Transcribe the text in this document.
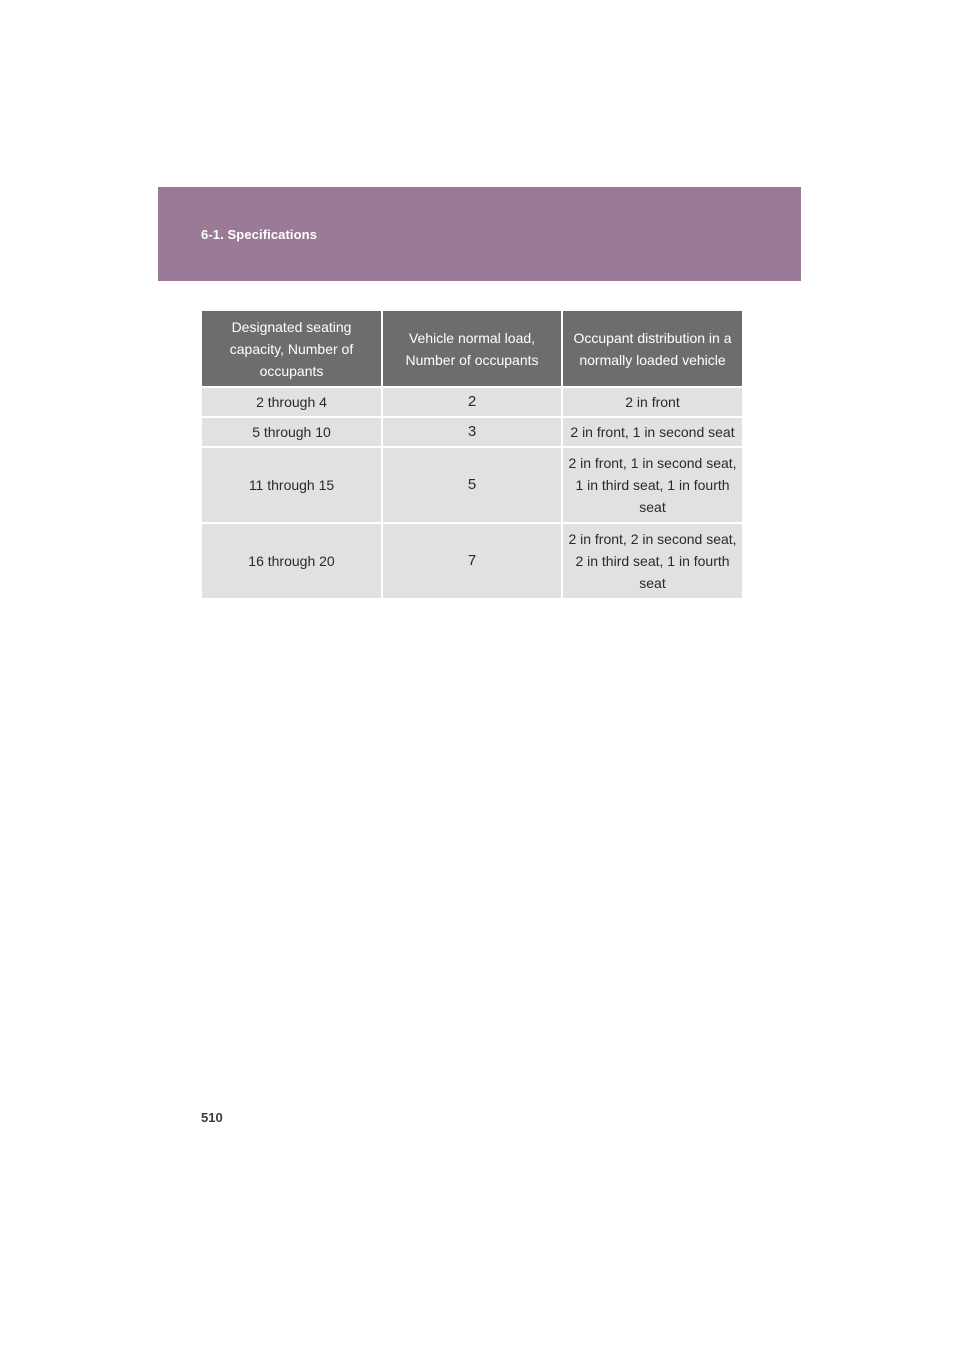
6-1. Specifications
Designated seating capacity, Number of occupants	Vehicle normal load, Number of occupants	Occupant distribution in a normally loaded vehicle
2 through 4	2	2 in front
5 through 10	3	2 in front, 1 in second seat
11 through 15	5	2 in front, 1 in second seat, 1 in third seat, 1 in fourth seat
16 through 20	7	2 in front, 2 in second seat, 2 in third seat, 1 in fourth seat
510
